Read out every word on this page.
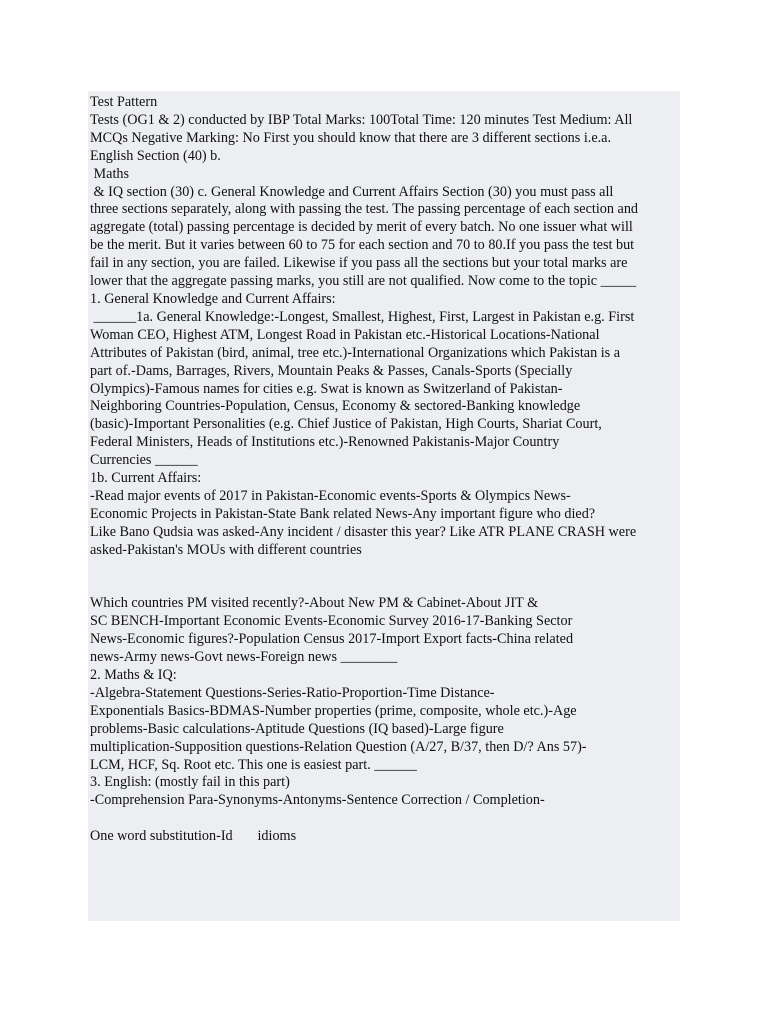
Test Pattern
Tests (OG1 & 2) conducted by IBP Total Marks: 100Total Time: 120 minutes Test Medium: All
MCQs Negative Marking: No First you should know that there are 3 different sections i.e.a.
English Section (40) b.
Maths
& IQ section (30) c. General Knowledge and Current Affairs Section (30) you must pass all
three sections separately, along with passing the test. The passing percentage of each section and
aggregate (total) passing percentage is decided by merit of every batch. No one issuer what will
be the merit. But it varies between 60 to 75 for each section and 70 to 80.If you pass the test but
fail in any section, you are failed. Likewise if you pass all the sections but your total marks are
lower that the aggregate passing marks, you still are not qualified. Now come to the topic _____
1. General Knowledge and Current Affairs:
______1a. General Knowledge:-Longest, Smallest, Highest, First, Largest in Pakistan e.g. First
Woman CEO, Highest ATM, Longest Road in Pakistan etc.-Historical Locations-National
Attributes of Pakistan (bird, animal, tree etc.)-International Organizations which Pakistan is a
part of.-Dams, Barrages, Rivers, Mountain Peaks & Passes, Canals-Sports (Specially
Olympics)-Famous names for cities e.g. Swat is known as Switzerland of Pakistan-
Neighboring Countries-Population, Census, Economy & sectored-Banking knowledge
(basic)-Important Personalities (e.g. Chief Justice of Pakistan, High Courts, Shariat Court,
Federal Ministers, Heads of Institutions etc.)-Renowned Pakistanis-Major Country
Currencies ______
1b. Current Affairs:
-Read major events of 2017 in Pakistan-Economic events-Sports & Olympics News-
Economic Projects in Pakistan-State Bank related News-Any important figure who died?
Like Bano Qudsia was asked-Any incident / disaster this year? Like ATR PLANE CRASH were
asked-Pakistan's MOUs with different countries
Which countries PM visited recently?-About New PM & Cabinet-About JIT &
SC BENCH-Important Economic Events-Economic Survey 2016-17-Banking Sector
News-Economic figures?-Population Census 2017-Import Export facts-China related
news-Army news-Govt news-Foreign news ________
2. Maths & IQ:
-Algebra-Statement Questions-Series-Ratio-Proportion-Time Distance-
Exponentials Basics-BDMAS-Number properties (prime, composite, whole etc.)-Age
problems-Basic calculations-Aptitude Questions (IQ based)-Large figure
multiplication-Supposition questions-Relation Question (A/27, B/37, then D/? Ans 57)-
LCM, HCF, Sq. Root etc. This one is easiest part. ______
3. English: (mostly fail in this part)
-Comprehension Para-Synonyms-Antonyms-Sentence Correction / Completion-
One word substitution-Id       idioms
